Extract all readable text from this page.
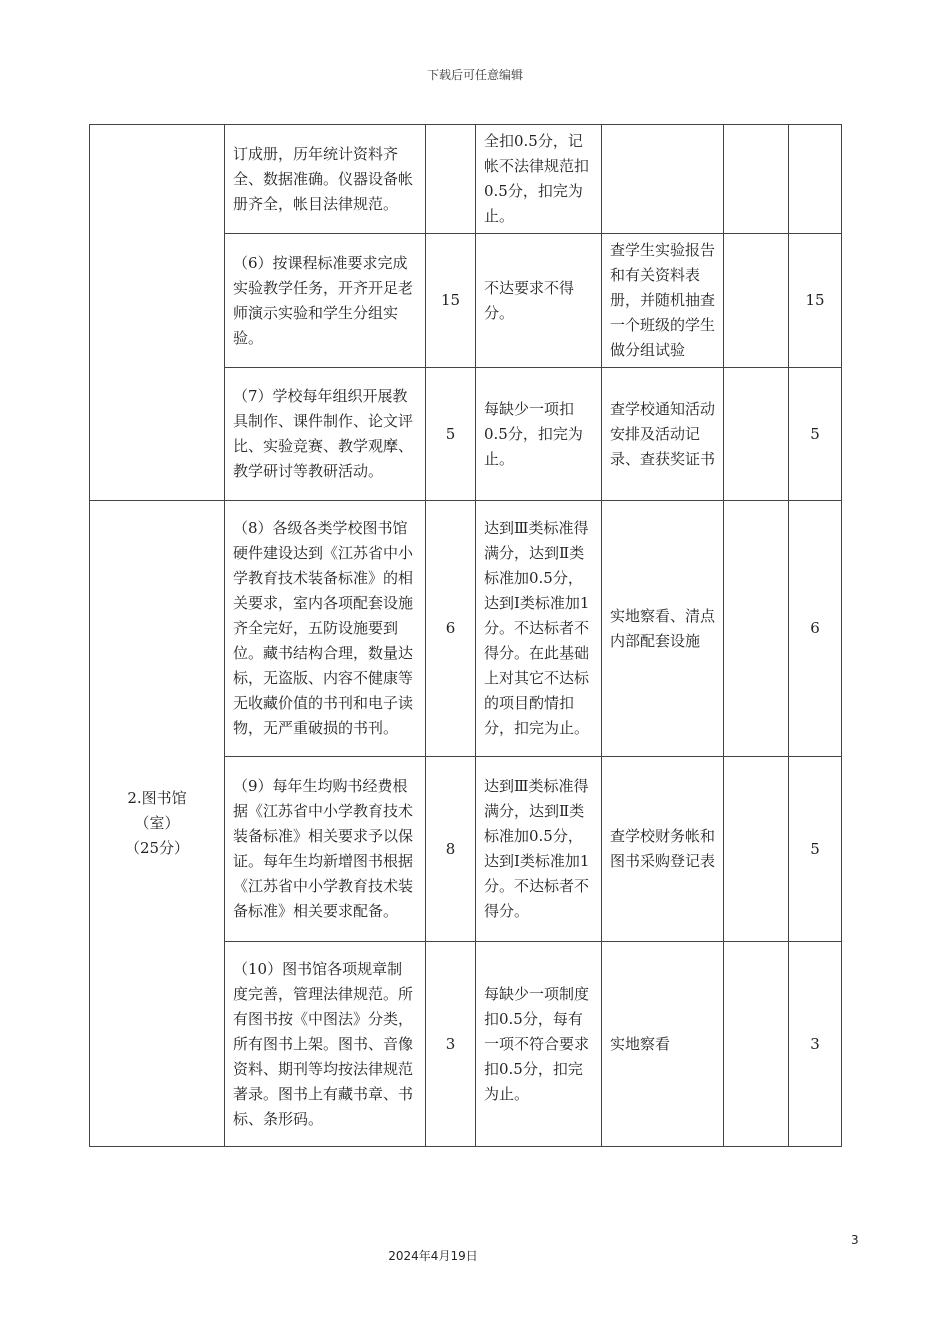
下载后可任意编辑
	订成册，历年统计资料齐全、数据准确。仪器设备帐册齐全，帐目法律规范。		全扣0.5分，记帐不法律规范扣0.5分，扣完为止。			
	（6）按课程标准要求完成实验教学任务，开齐开足老师演示实验和学生分组实验。	15	不达要求不得分。	查学生实验报告和有关资料表册，并随机抽查一个班级的学生做分组试验		15
	（7）学校每年组织开展教具制作、课件制作、论文评比、实验竞赛、教学观摩、教学研讨等教研活动。	5	每缺少一项扣0.5分，扣完为止。	查学校通知活动安排及活动记录、查获奖证书		5

2.图书馆
（室）
（25分）	（8）各级各类学校图书馆硬件建设达到《江苏省中小学教育技术装备标准》的相关要求，室内各项配套设施齐全完好，五防设施要到位。藏书结构合理，数量达标，无盗版、内容不健康等无收藏价值的书刊和电子读物，无严重破损的书刊。	6	达到Ⅲ类标准得满分，达到Ⅱ类标准加0.5分，达到Ⅰ类标准加1分。不达标者不得分。在此基础上对其它不达标的项目酌情扣分，扣完为止。	实地察看、清点内部配套设施		6
	（9）每年生均购书经费根据《江苏省中小学教育技术装备标准》相关要求予以保证。每年生均新增图书根据《江苏省中小学教育技术装备标准》相关要求配备。	8	达到Ⅲ类标准得满分，达到Ⅱ类标准加0.5分，达到Ⅰ类标准加1分。不达标者不得分。	查学校财务帐和图书采购登记表		5
	（10）图书馆各项规章制度完善，管理法律规范。所有图书按《中图法》分类，所有图书上架。图书、音像资料、期刊等均按法律规范著录。图书上有藏书章、书标、条形码。	3	每缺少一项制度扣0.5分，每有一项不符合要求扣0.5分，扣完为止。	实地察看		3
3
2024年4月19日
